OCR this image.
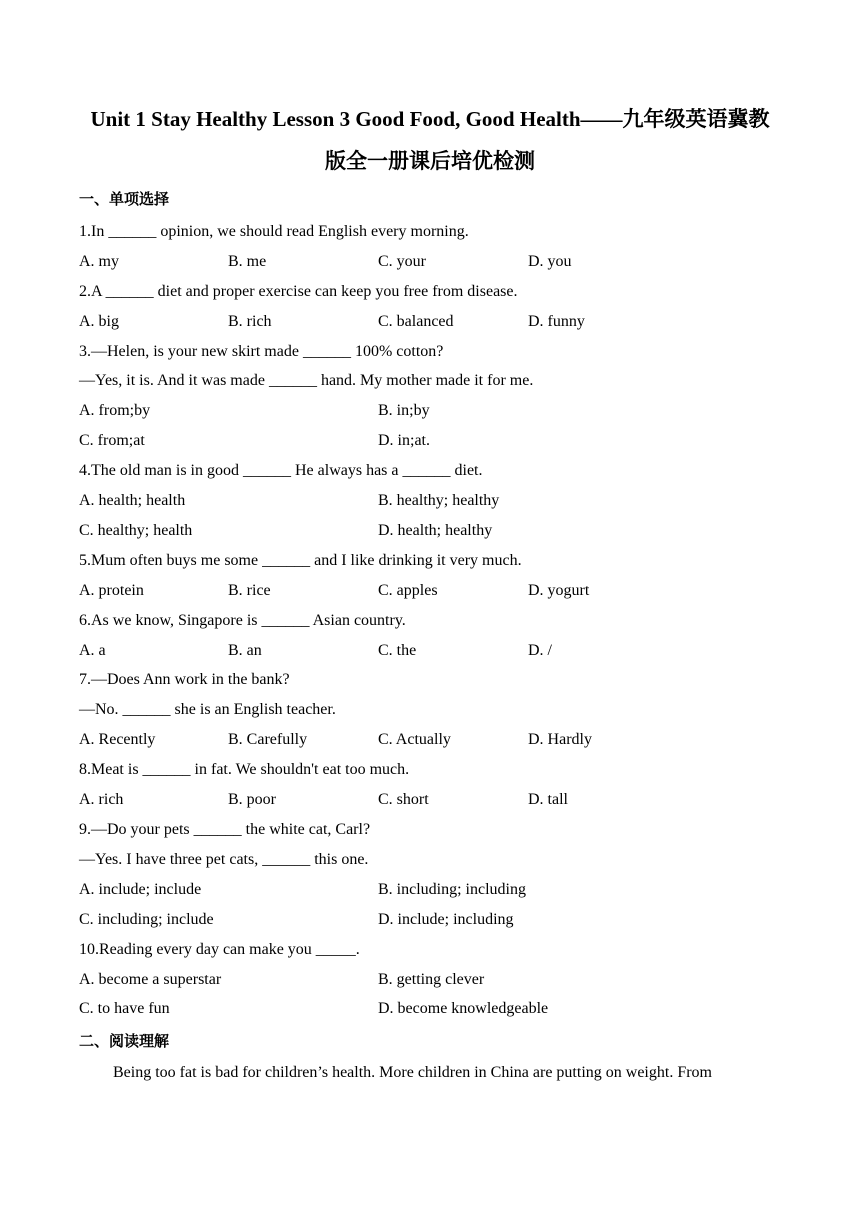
Unit 1 Stay Healthy Lesson 3 Good Food, Good Health——九年级英语冀教
版全一册课后培优检测
一、单项选择
1.In ______ opinion, we should read English every morning.
A. my	B. me	C. your	D. you
2.A ______ diet and proper exercise can keep you free from disease.
A. big	B. rich	C. balanced	D. funny
3.—Helen, is your new skirt made ______ 100% cotton?
—Yes, it is. And it was made ______ hand. My mother made it for me.
A. from;by	B. in;by
C. from;at	D. in;at.
4.The old man is in good ______ He always has a ______ diet.
A. health; health	B. healthy; healthy
C. healthy; health	D. health; healthy
5.Mum often buys me some ______ and I like drinking it very much.
A. protein	B. rice	C. apples	D. yogurt
6.As we know, Singapore is ______ Asian country.
A. a	B. an	C. the	D. /
7.—Does Ann work in the bank?
—No. ______ she is an English teacher.
A. Recently	B. Carefully	C. Actually	D. Hardly
8.Meat is ______ in fat. We shouldn't eat too much.
A. rich	B. poor	C. short	D. tall
9.—Do your pets ______ the white cat, Carl?
—Yes. I have three pet cats, ______ this one.
A. include; include	B. including; including
C. including; include	D. include; including
10.Reading every day can make you _____.
A. become a superstar	B. getting clever
C. to have fun	D. become knowledgeable
二、阅读理解
Being too fat is bad for children’s health. More children in China are putting on weight. From
